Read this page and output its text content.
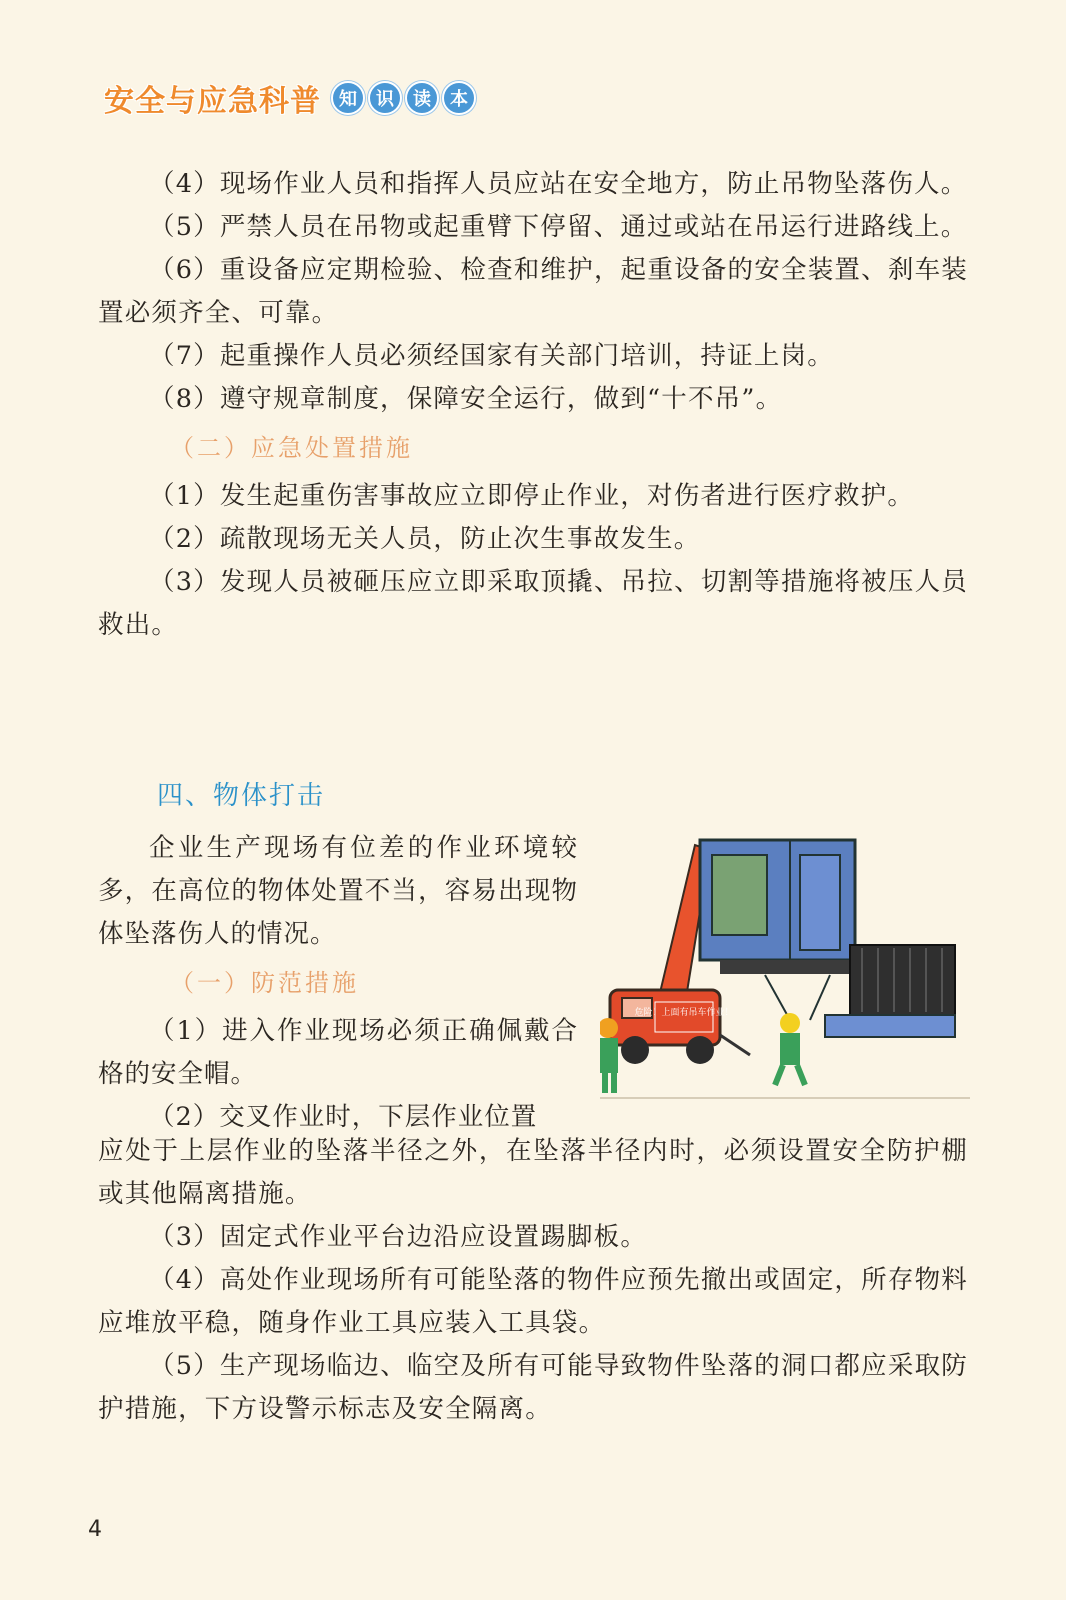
安全与应急科普	知	识	读	本

（4）现场作业人员和指挥人员应站在安全地方，防止吊物坠落伤人。

（5）严禁人员在吊物或起重臂下停留、通过或站在吊运行进路线上。

（6）重设备应定期检验、检查和维护，起重设备的安全装置、刹车装置必须齐全、可靠。

（7）起重操作人员必须经国家有关部门培训，持证上岗。

（8）遵守规章制度，保障安全运行，做到“十不吊”。

（二）应急处置措施

（1）发生起重伤害事故应立即停止作业，对伤者进行医疗救护。

（2）疏散现场无关人员，防止次生事故发生。

（3）发现人员被砸压应立即采取顶撬、吊拉、切割等措施将被压人员救出。

四、物体打击

企业生产现场有位差的作业环境较多，在高位的物体处置不当，容易出现物体坠落伤人的情况。

（一）防范措施

（1）进入作业现场必须正确佩戴合格的安全帽。

（2）交叉作业时，下层作业位置

危险！上面有吊车作业！

应处于上层作业的坠落半径之外，在坠落半径内时，必须设置安全防护棚或其他隔离措施。

（3）固定式作业平台边沿应设置踢脚板。

（4）高处作业现场所有可能坠落的物件应预先撤出或固定，所存物料应堆放平稳，随身作业工具应装入工具袋。

（5）生产现场临边、临空及所有可能导致物件坠落的洞口都应采取防护措施，下方设警示标志及安全隔离。

4
